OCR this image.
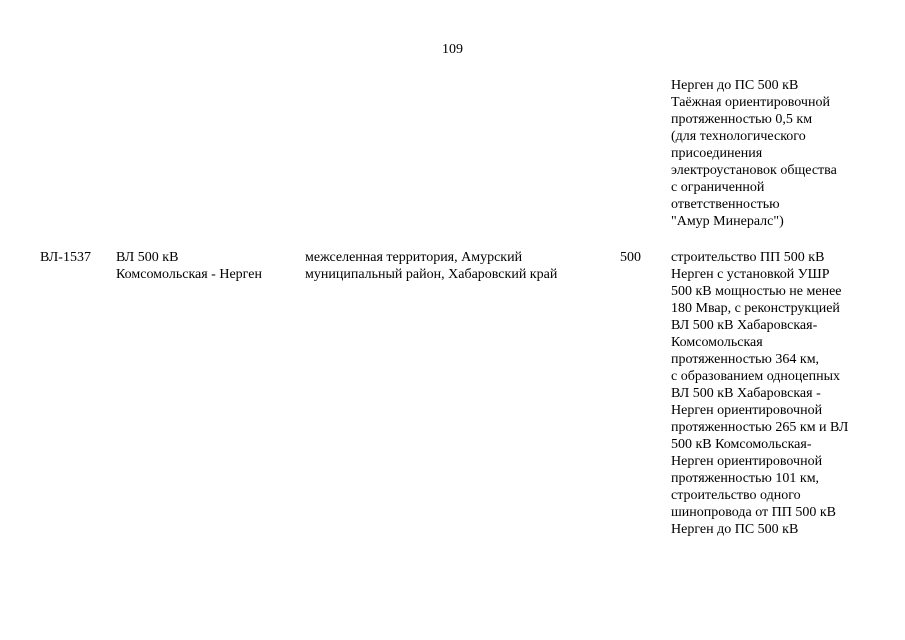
109
Нерген до ПС 500 кВ
Таёжная ориентировочной
протяженностью 0,5 км
(для технологического
присоединения
электроустановок общества
с ограниченной
ответственностью
"Амур Минералс")
ВЛ-1537	ВЛ 500 кВ
Комсомольская - Нерген
межселенная территория, Амурский
муниципальный район, Хабаровский край
500	строительство ПП 500 кВ
Нерген с установкой УШР
500 кВ мощностью не менее
180 Мвар, с реконструкцией
ВЛ 500 кВ Хабаровская-
Комсомольская
протяженностью 364 км,
с образованием одноцепных
ВЛ 500 кВ Хабаровская -
Нерген ориентировочной
протяженностью 265 км и ВЛ
500 кВ Комсомольская-
Нерген ориентировочной
протяженностью 101 км,
строительство одного
шинопровода от ПП 500 кВ
Нерген до ПС 500 кВ
